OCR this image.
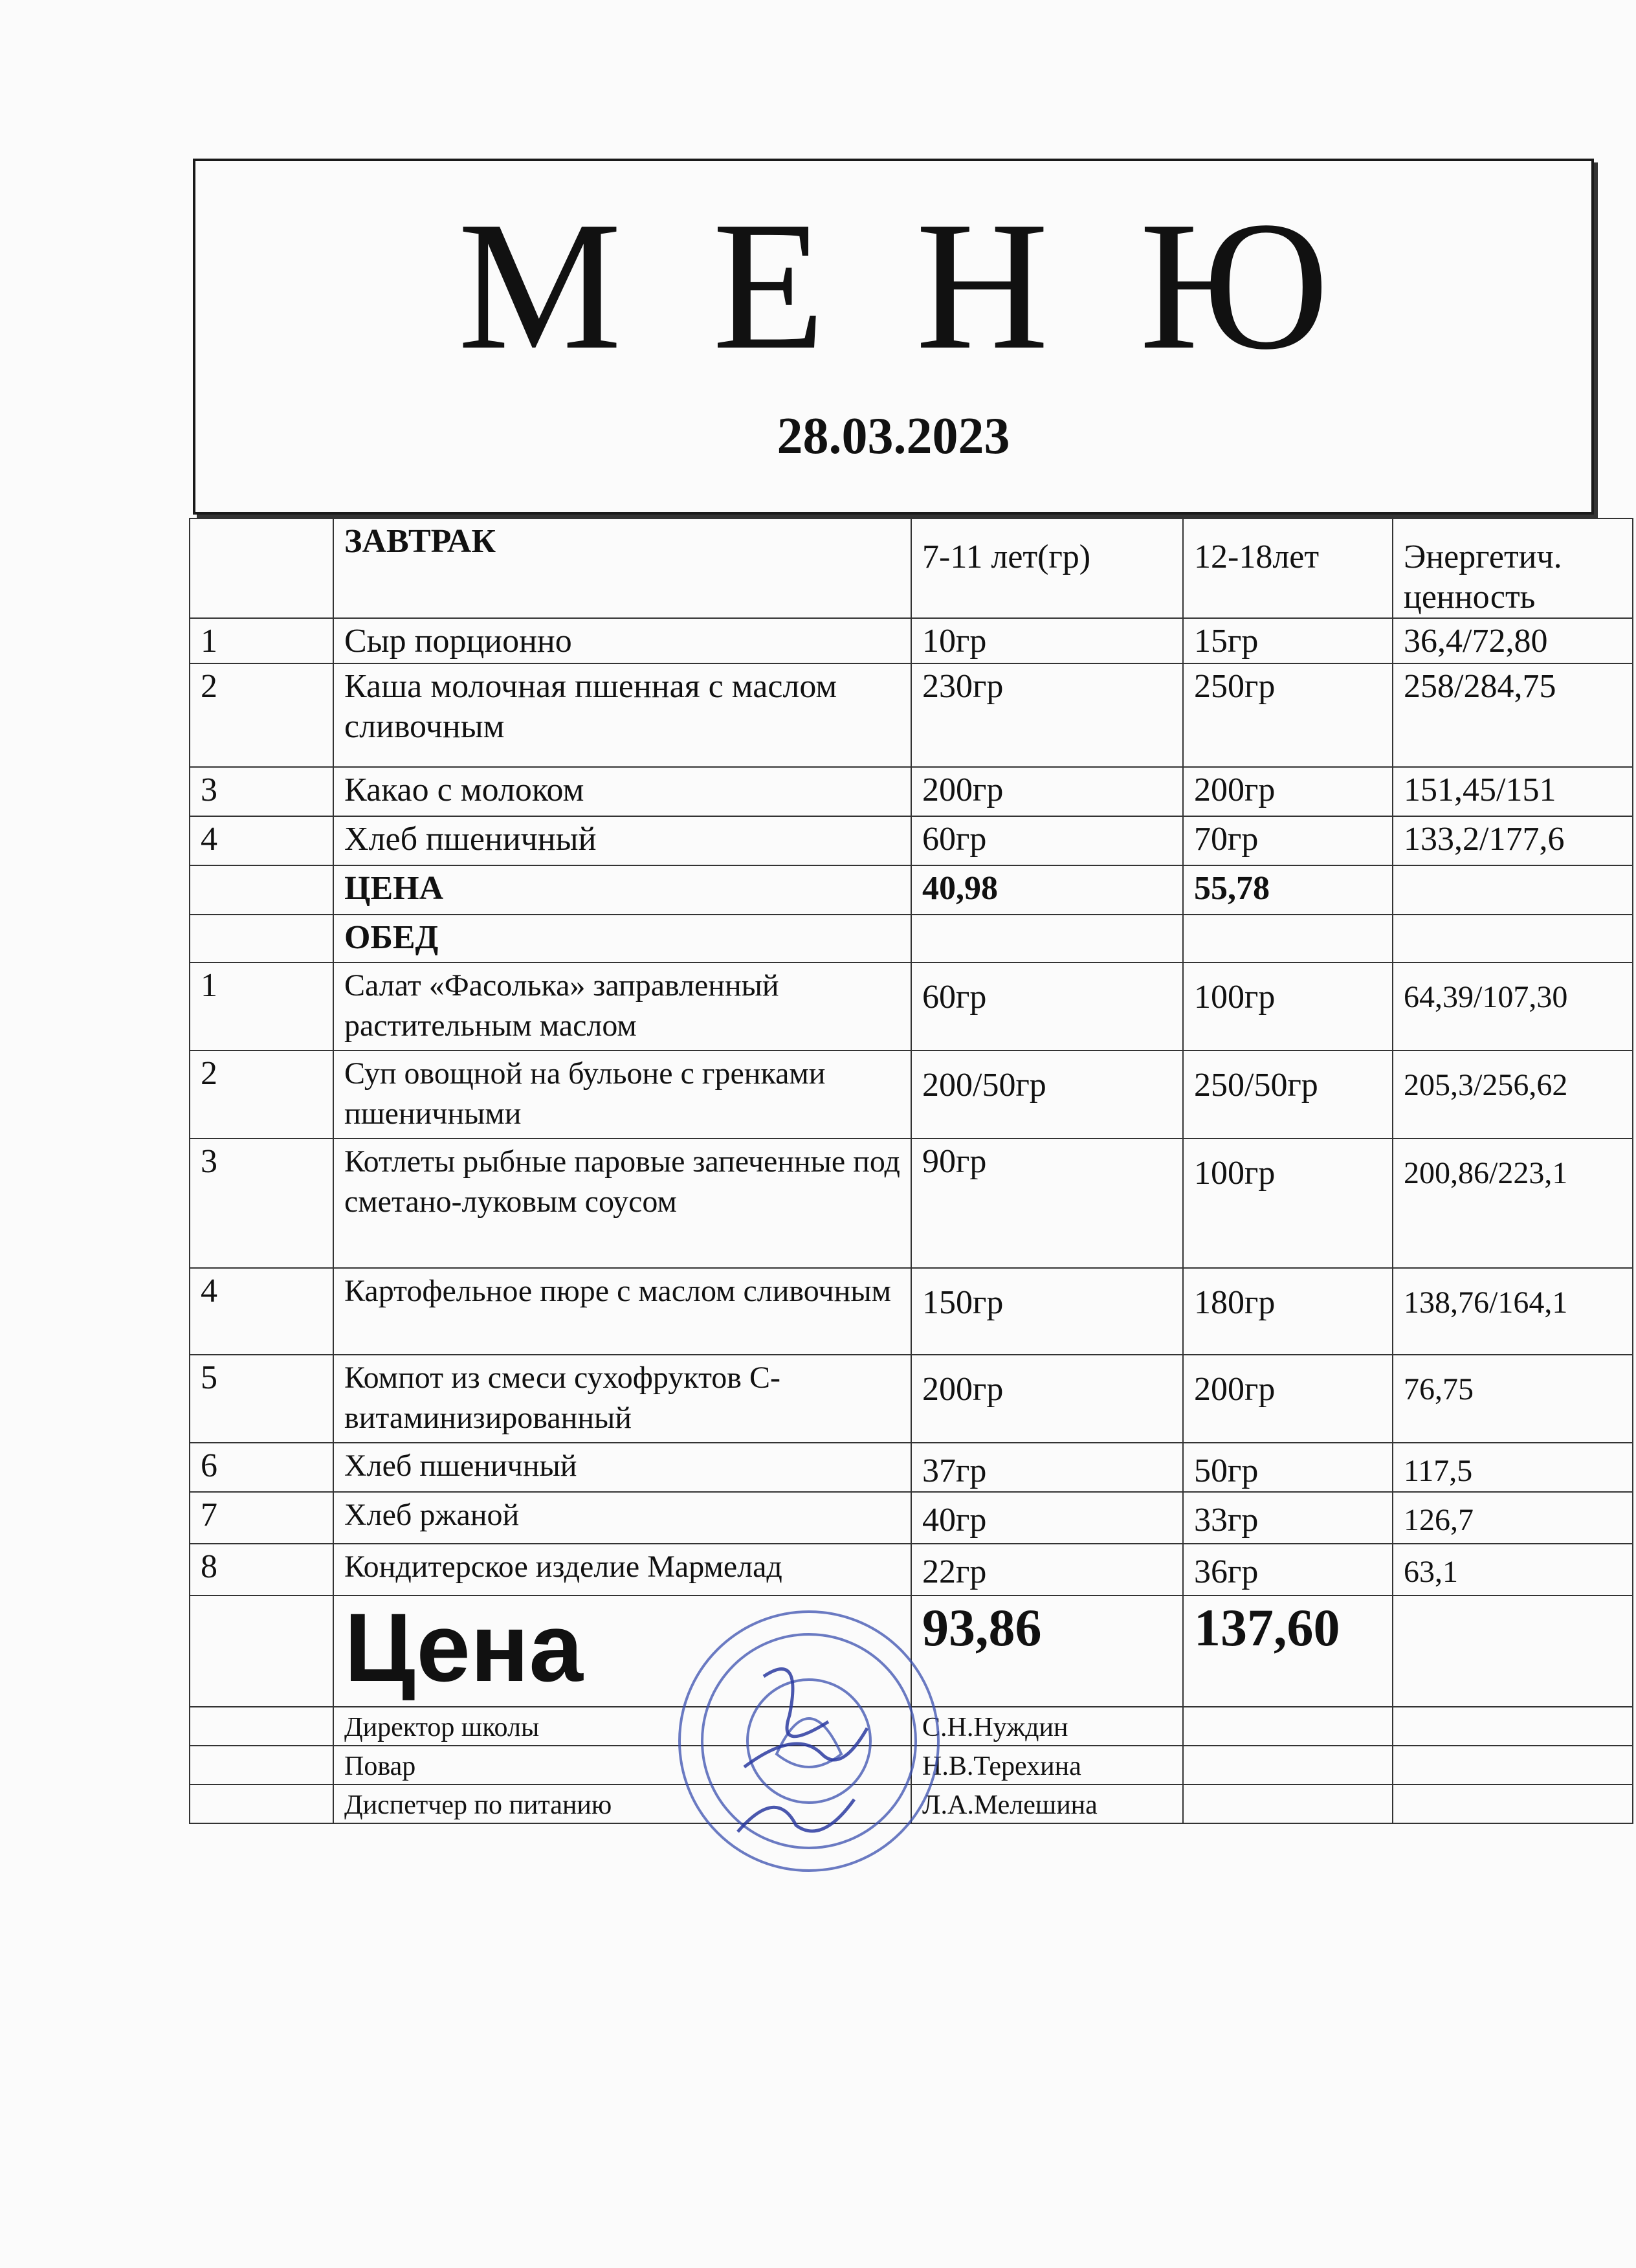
МЕНЮ
28.03.2023
	ЗАВТРАК	7-11 лет(гр)	12-18лет	Энергетич. ценность
1	Сыр порционно	10гр	15гр	36,4/72,80
2	Каша молочная пшенная с маслом сливочным	230гр	250гр	258/284,75
3	Какао с молоком	200гр	200гр	151,45/151
4	Хлеб пшеничный	60гр	70гр	133,2/177,6
	ЦЕНА	40,98	55,78	
	ОБЕД			
1	Салат «Фасолька» заправленный растительным маслом	60гр	100гр	64,39/107,30
2	Суп овощной на бульоне с гренками пшеничными	200/50гр	250/50гр	205,3/256,62
3	Котлеты рыбные паровые запеченные под сметано-луковым соусом	90гр	100гр	200,86/223,1
4	Картофельное пюре с маслом сливочным	150гр	180гр	138,76/164,1
5	Компот из смеси сухофруктов С-витаминизированный	200гр	200гр	76,75
6	Хлеб пшеничный	37гр	50гр	117,5
7	Хлеб ржаной	40гр	33гр	126,7
8	Кондитерское изделие Мармелад	22гр	36гр	63,1
	Цена	93,86	137,60	
	Директор школы	С.Н.Нуждин		
	Повар	Н.В.Терехина		
	Диспетчер по питанию	Л.А.Мелешина		
